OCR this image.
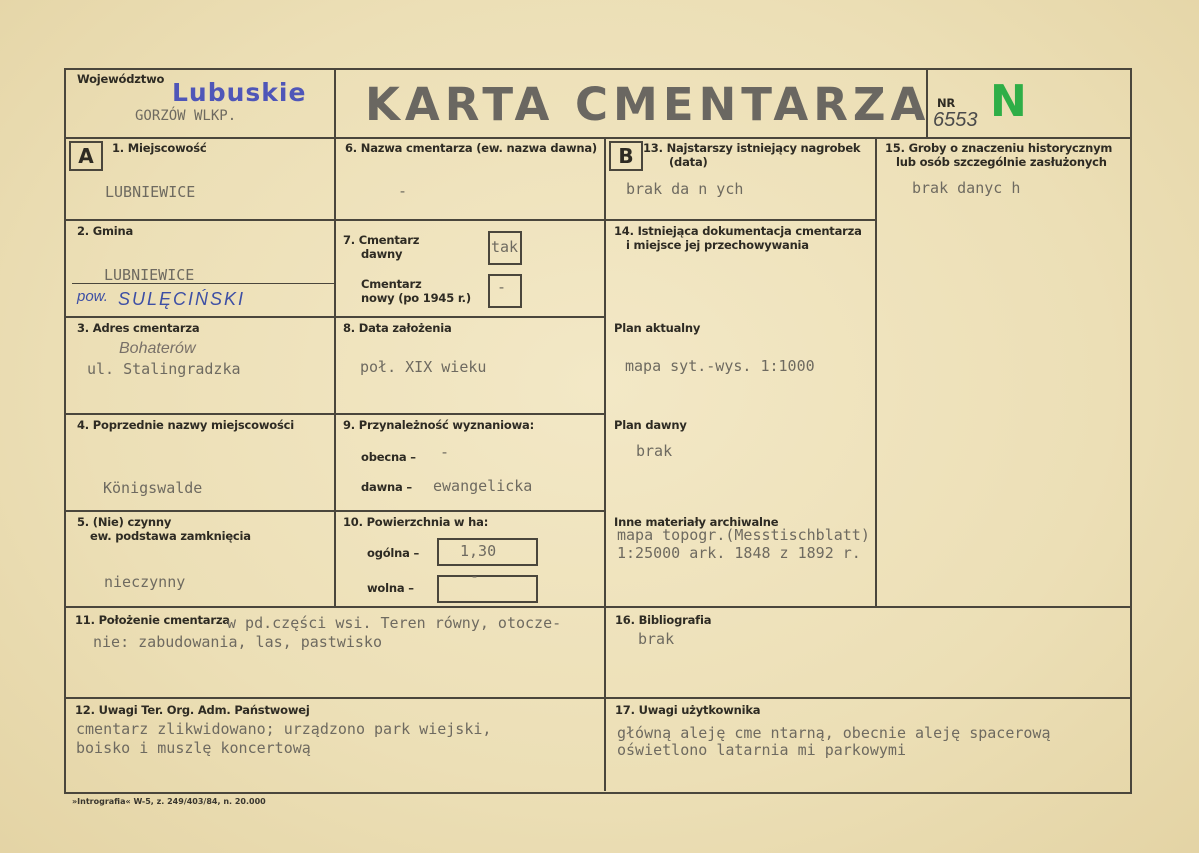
Województwo Lubuskie
GORZÓW WLKP.	KARTA CMENTARZA NR
6553 N
A	1. Miejscowość
LUBNIEWICE
2. Gmina
LUBNIEWICE
pow. SULĘCIŃSKI
3. Adres cmentarza
Bohaterów
ul. Stalingradzka
4. Poprzednie nazwy miejscowości
Königswalde
5. (Nie) czynny
ew. podstawa zamknięcia
nieczynny
6. Nazwa cmentarza (ew. nazwa dawna)
-
7. Cmentarz
dawny	tak
Cmentarz
nowy (po 1945 r.)
-
8. Data założenia
poł. XIX wieku
9. Przynależność wyznaniowa:
obecna – -
dawna – ewangelicka
10. Powierzchnia w ha:
ogólna –	1,30
wolna –
-
B 13. Najstarszy istniejący nagrobek
(data)
brak da n ych
14. Istniejąca dokumentacja cmentarza
i miejsce jej przechowywania
Plan aktualny
mapa syt.-wys. 1:1000
Plan dawny
brak
Inne materiały archiwalne
mapa topogr.(Messtischblatt)
1:25000 ark. 1848 z 1892 r.
15. Groby o znaczeniu historycznym
lub osób szczególnie zasłużonych
brak danyc h
11. Położenie cmentarza
w pd.części wsi. Teren równy, otocze-
nie: zabudowania, las, pastwisko
16. Bibliografia
brak
12. Uwagi Ter. Org. Adm. Państwowej
cmentarz zlikwidowano; urządzono park wiejski,
boisko i muszlę koncertową
17. Uwagi użytkownika
główną aleję cme ntarną, obecnie aleję spacerową
oświetlono latarnia mi parkowymi
»Intrografia« W-5, z. 249/403/84, n. 20.000
